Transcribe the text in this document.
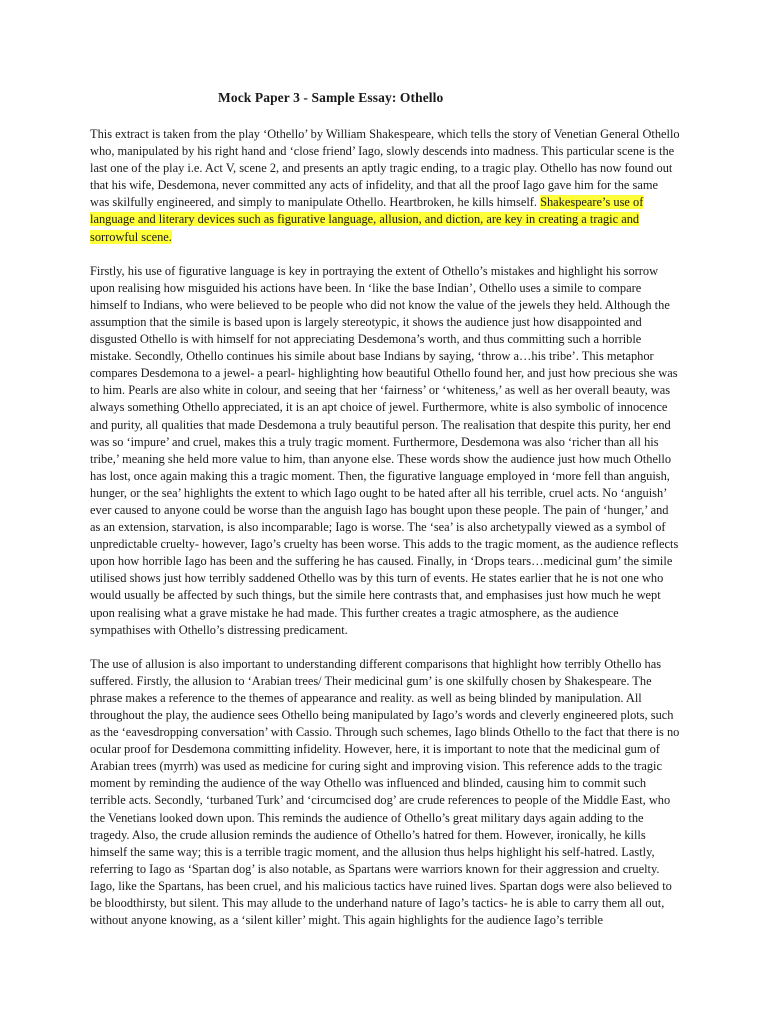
Mock Paper 3 - Sample Essay: Othello

This extract is taken from the play ‘Othello’ by William Shakespeare, which tells the story of Venetian General Othello who, manipulated by his right hand and ‘close friend’ Iago, slowly descends into madness. This particular scene is the last one of the play i.e. Act V, scene 2, and presents an aptly tragic ending, to a tragic play. Othello has now found out that his wife, Desdemona, never committed any acts of infidelity, and that all the proof Iago gave him for the same was skilfully engineered, and simply to manipulate Othello. Heartbroken, he kills himself. Shakespeare’s use of language and literary devices such as figurative language, allusion, and diction, are key in creating a tragic and sorrowful scene.

Firstly, his use of figurative language is key in portraying the extent of Othello’s mistakes and highlight his sorrow upon realising how misguided his actions have been. In ‘like the base Indian’, Othello uses a simile to compare himself to Indians, who were believed to be people who did not know the value of the jewels they held. Although the assumption that the simile is based upon is largely stereotypic, it shows the audience just how disappointed and disgusted Othello is with himself for not appreciating Desdemona’s worth, and thus committing such a horrible mistake. Secondly, Othello continues his simile about base Indians by saying, ‘throw a…his tribe’. This metaphor compares Desdemona to a jewel- a pearl- highlighting how beautiful Othello found her, and just how precious she was to him. Pearls are also white in colour, and seeing that her ‘fairness’ or ‘whiteness,’ as well as her overall beauty, was always something Othello appreciated, it is an apt choice of jewel. Furthermore, white is also symbolic of innocence and purity, all qualities that made Desdemona a truly beautiful person. The realisation that despite this purity, her end was so ‘impure’ and cruel, makes this a truly tragic moment. Furthermore, Desdemona was also ‘richer than all his tribe,’ meaning she held more value to him, than anyone else. These words show the audience just how much Othello has lost, once again making this a tragic moment. Then, the figurative language employed in ‘more fell than anguish, hunger, or the sea’ highlights the extent to which Iago ought to be hated after all his terrible, cruel acts. No ‘anguish’ ever caused to anyone could be worse than the anguish Iago has bought upon these people. The pain of ‘hunger,’ and as an extension, starvation, is also incomparable; Iago is worse. The ‘sea’ is also archetypally viewed as a symbol of unpredictable cruelty- however, Iago’s cruelty has been worse. This adds to the tragic moment, as the audience reflects upon how horrible Iago has been and the suffering he has caused. Finally, in ‘Drops tears…medicinal gum’ the simile utilised shows just how terribly saddened Othello was by this turn of events. He states earlier that he is not one who would usually be affected by such things, but the simile here contrasts that, and emphasises just how much he wept upon realising what a grave mistake he had made. This further creates a tragic atmosphere, as the audience sympathises with Othello’s distressing predicament.

The use of allusion is also important to understanding different comparisons that highlight how terribly Othello has suffered. Firstly, the allusion to ‘Arabian trees/ Their medicinal gum’ is one skilfully chosen by Shakespeare. The phrase makes a reference to the themes of appearance and reality. as well as being blinded by manipulation. All throughout the play, the audience sees Othello being manipulated by Iago’s words and cleverly engineered plots, such as the ‘eavesdropping conversation’ with Cassio. Through such schemes, Iago blinds Othello to the fact that there is no ocular proof for Desdemona committing infidelity. However, here, it is important to note that the medicinal gum of Arabian trees (myrrh) was used as medicine for curing sight and improving vision. This reference adds to the tragic moment by reminding the audience of the way Othello was influenced and blinded, causing him to commit such terrible acts. Secondly, ‘turbaned Turk’ and ‘circumcised dog’ are crude references to people of the Middle East, who the Venetians looked down upon. This reminds the audience of Othello’s great military days again adding to the tragedy. Also, the crude allusion reminds the audience of Othello’s hatred for them. However, ironically, he kills himself the same way; this is a terrible tragic moment, and the allusion thus helps highlight his self-hatred. Lastly, referring to Iago as ‘Spartan dog’ is also notable, as Spartans were warriors known for their aggression and cruelty. Iago, like the Spartans, has been cruel, and his malicious tactics have ruined lives. Spartan dogs were also believed to be bloodthirsty, but silent. This may allude to the underhand nature of Iago’s tactics- he is able to carry them all out, without anyone knowing, as a ‘silent killer’ might. This again highlights for the audience Iago’s terrible
